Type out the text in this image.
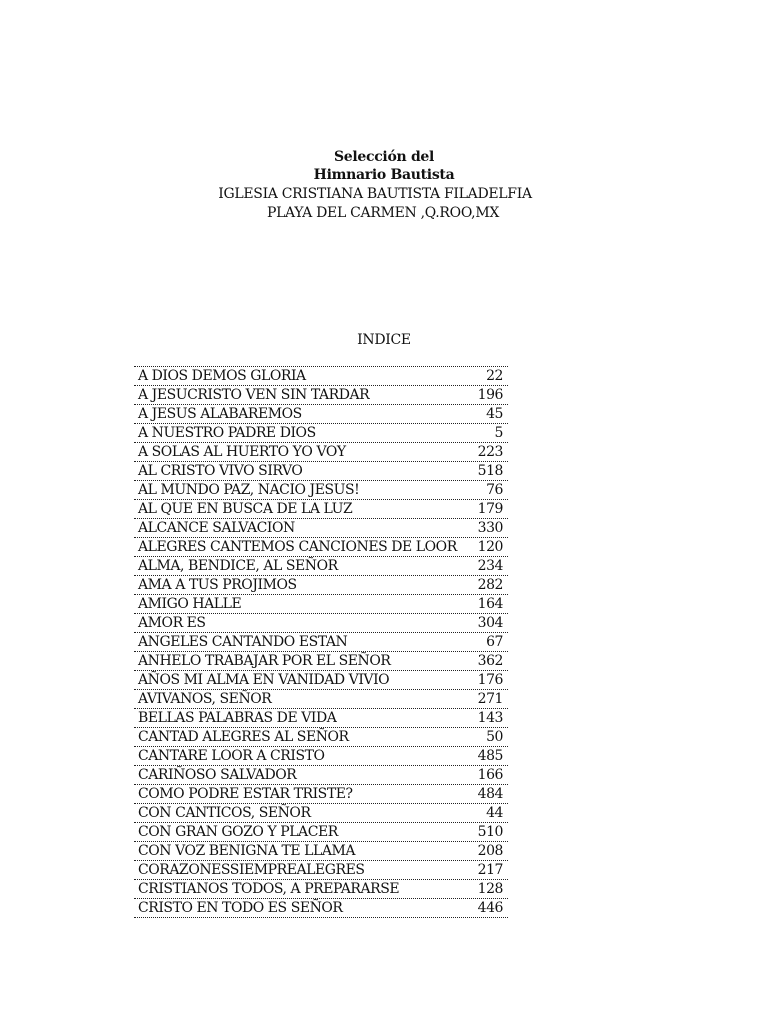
Selección del
Himnario Bautista
IGLESIA CRISTIANA BAUTISTA FILADELFIA
PLAYA DEL CARMEN ,Q.ROO,MX
INDICE
A DIOS DEMOS GLORIA	22
A JESUCRISTO VEN SIN TARDAR	196
A JESUS ALABAREMOS	45
A NUESTRO PADRE DIOS	5
A SOLAS AL HUERTO YO VOY	223
AL CRISTO VIVO SIRVO	518
AL MUNDO PAZ, NACIO JESUS!	76
AL QUE EN BUSCA DE LA LUZ	179
ALCANCE SALVACION	330
ALEGRES CANTEMOS CANCIONES DE LOOR 120
ALMA, BENDICE, AL SEÑOR	234
AMA A TUS PROJIMOS	282
AMIGO HALLE	164
AMOR ES	304
ANGELES CANTANDO ESTAN	67
ANHELO TRABAJAR POR EL SEÑOR	362
AÑOS MI ALMA EN VANIDAD VIVIO	176
AVIVANOS, SEÑOR	271
BELLAS PALABRAS DE VIDA	143
CANTAD ALEGRES AL SEÑOR	50
CANTARE LOOR A CRISTO	485
CARIÑOSO SALVADOR	166
COMO PODRE ESTAR TRISTE?	484
CON CANTICOS, SEÑOR	44
CON GRAN GOZO Y PLACER	510
CON VOZ BENIGNA TE LLAMA	208
CORAZONESSIEMPREALEGRES	217
CRISTIANOS TODOS, A PREPARARSE	128
CRISTO EN TODO ES SEÑOR	446
